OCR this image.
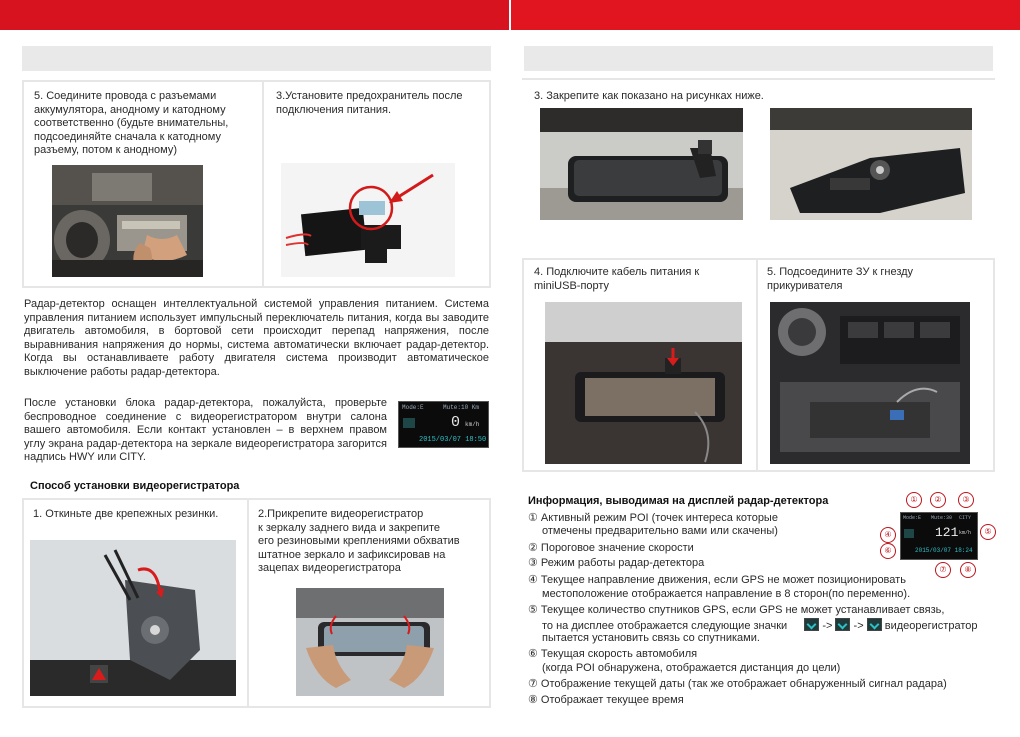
5. Соедините провода с разъемами аккумулятора, анодному и катодному соответственно (будьте внимательны, подсоединяйте сначала к катодному разъему, потом к анодному)
3.Установите предохранитель после подключения питания.
Радар-детектор оснащен интеллектуальной системой управления питанием. Система управления питанием использует импульсный переключатель питания, когда вы заводите двигатель автомобиля, в бортовой сети происходит перепад напряжения, после выравнивания напряжения до нормы, система автоматически включает радар-детектор. Когда вы останавливаете работу двигателя система производит автоматическое выключение работы радар-детектора.
После установки блока радар-детектора, пожалуйста, проверьте беспроводное соединение с видеорегистратором внутри салона вашего автомобиля. Если контакт установлен – в верхнем правом углу экрана радар-детектора на зеркале видеорегистратора загорится надпись HWY или CITY.
Mode:E	Mute:10 Km
0 km/h
2015/03/07 18:50
Способ установки видеорегистратора
1. Откиньте две крепежных резинки.	2.Прикрепите видеорегистратор
к зеркалу заднего вида и закрепите
его резиновыми креплениями обхватив
штатное зеркало и зафиксировав на
зацепах видеорегистратора
3. Закрепите как показано на рисунках ниже.
4. Подключите кабель питания к miniUSB-порту
5. Подсоедините ЗУ к гнезду прикуривателя
Информация, выводимая на дисплей радар-детектора
① Активный режим POI (точек интереса которые
отмечены предварительно вами или скачены)
② Пороговое значение скорости
③ Режим работы радар-детектора
④ Текущее направление движения, если GPS не может позиционировать
местоположение отображается направление в 8 сторон(по переменно).
⑤ Текущее количество спутников GPS, если GPS не может устанавливает связь,
то на дисплее отображается следующие значки	-> -> видеорегистратор
пытается установить связь со спутниками.
⑥ Текущая скорость автомобиля
(когда POI обнаружена, отображается дистанция до цели)
⑦ Отображение текущей даты (так же отображает обнаруженный сигнал радара)
⑧ Отображает текущее время
Mode:E Mute:30 CITY
121 km/h
2015/03/07 18:24
①	②	③
④	⑤
⑥
⑦	⑧
